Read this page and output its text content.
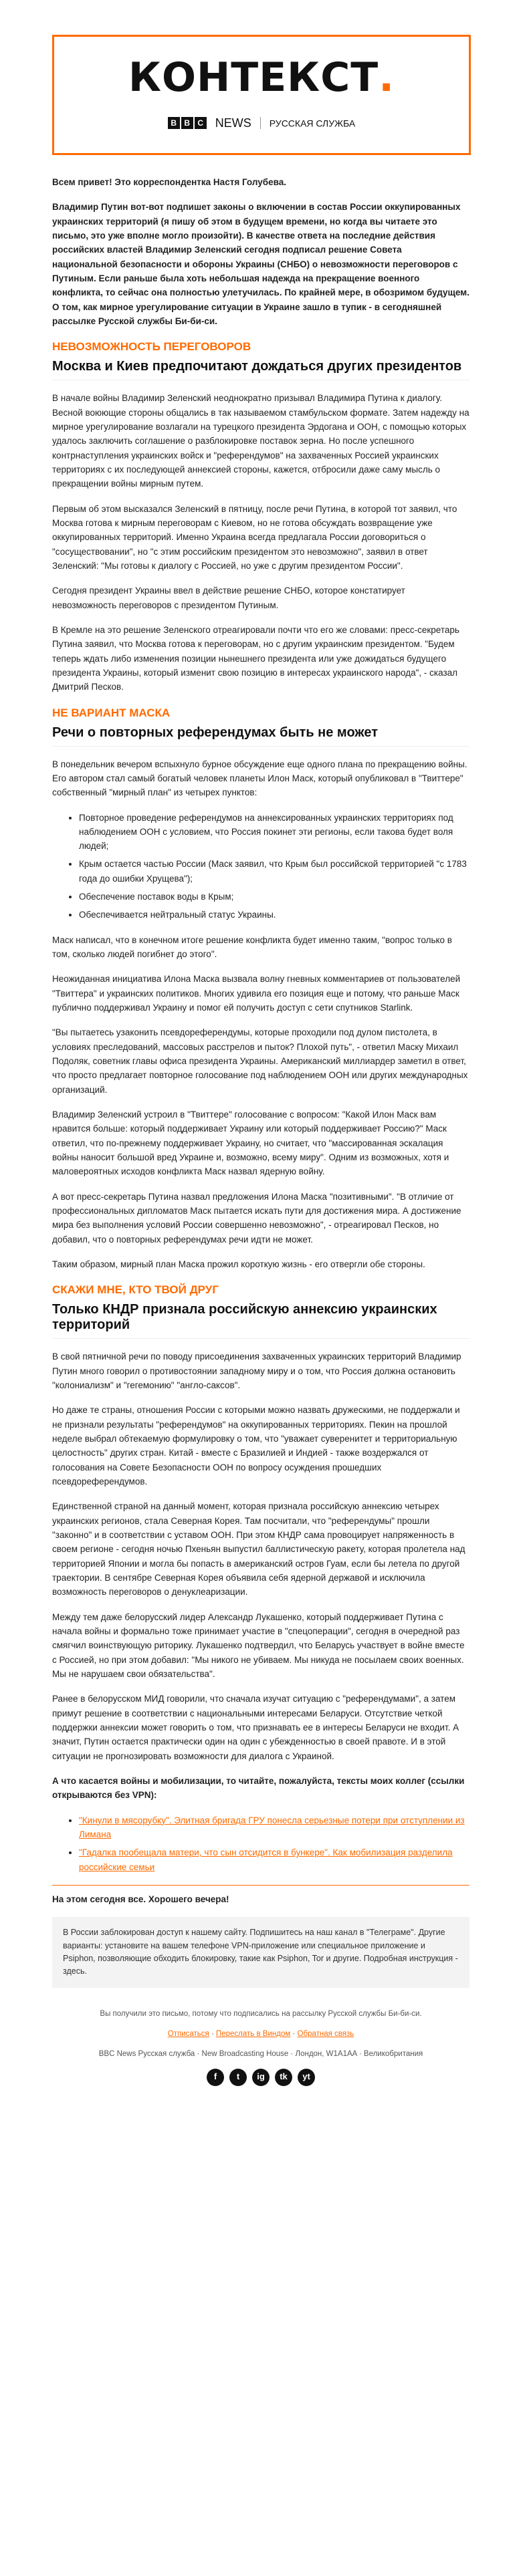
КОНТЕКСТ.
B B C NEWS РУССКАЯ СЛУЖБА

Всем привет! Это корреспондентка Настя Голубева.

Владимир Путин вот-вот подпишет законы о включении в состав России оккупированных украинских территорий (я пишу об этом в будущем времени, но когда вы читаете это письмо, это уже вполне могло произойти). В качестве ответа на последние действия российских властей Владимир Зеленский сегодня подписал решение Совета национальной безопасности и обороны Украины (СНБО) о невозможности переговоров с Путиным. Если раньше была хоть небольшая надежда на прекращение военного конфликта, то сейчас она полностью улетучилась. По крайней мере, в обозримом будущем. О том, как мирное урегулирование ситуации в Украине зашло в тупик - в сегодняшней рассылке Русской службы Би-би-си.

НЕВОЗМОЖНОСТЬ ПЕРЕГОВОРОВ
Москва и Киев предпочитают дождаться других президентов

В начале войны Владимир Зеленский неоднократно призывал Владимира Путина к диалогу. Весной воюющие стороны общались в так называемом стамбульском формате. Затем надежду на мирное урегулирование возлагали на турецкого президента Эрдогана и ООН, с помощью которых удалось заключить соглашение о разблокировке поставок зерна. Но после успешного контрнаступления украинских войск и "референдумов" на захваченных Россией украинских территориях с их последующей аннексией стороны, кажется, отбросили даже саму мысль о прекращении войны мирным путем.

Первым об этом высказался Зеленский в пятницу, после речи Путина, в которой тот заявил, что Москва готова к мирным переговорам с Киевом, но не готова обсуждать возвращение уже оккупированных территорий. Именно Украина всегда предлагала России договориться о "сосуществовании", но "с этим российским президентом это невозможно", заявил в ответ Зеленский: "Мы готовы к диалогу с Россией, но уже с другим президентом России".

Сегодня президент Украины ввел в действие решение СНБО, которое констатирует невозможность переговоров с президентом Путиным.

В Кремле на это решение Зеленского отреагировали почти что его же словами: пресс-секретарь Путина заявил, что Москва готова к переговорам, но с другим украинским президентом. "Будем теперь ждать либо изменения позиции нынешнего президента или уже дожидаться будущего президента Украины, который изменит свою позицию в интересах украинского народа", - сказал Дмитрий Песков.

НЕ ВАРИАНТ МАСКА
Речи о повторных референдумах быть не может

В понедельник вечером вспыхнуло бурное обсуждение еще одного плана по прекращению войны. Его автором стал самый богатый человек планеты Илон Маск, который опубликовал в "Твиттере" собственный "мирный план" из четырех пунктов:

• Повторное проведение референдумов на аннексированных украинских территориях под наблюдением ООН с условием, что Россия покинет эти регионы, если такова будет воля людей;
• Крым остается частью России (Маск заявил, что Крым был российской территорией "с 1783 года до ошибки Хрущева");
• Обеспечение поставок воды в Крым;
• Обеспечивается нейтральный статус Украины.

Маск написал, что в конечном итоге решение конфликта будет именно таким, "вопрос только в том, сколько людей погибнет до этого".

Неожиданная инициатива Илона Маска вызвала волну гневных комментариев от пользователей "Твиттера" и украинских политиков. Многих удивила его позиция еще и потому, что раньше Маск публично поддерживал Украину и помог ей получить доступ с сети спутников Starlink.

"Вы пытаетесь узаконить псевдореферендумы, которые проходили под дулом пистолета, в условиях преследований, массовых расстрелов и пыток? Плохой путь", - ответил Маску Михаил Подоляк, советник главы офиса президента Украины. Американский миллиардер заметил в ответ, что просто предлагает повторное голосование под наблюдением ООН или других международных организаций.

Владимир Зеленский устроил в "Твиттере" голосование с вопросом: "Какой Илон Маск вам нравится больше: который поддерживает Украину или который поддерживает Россию?" Маск ответил, что по-прежнему поддерживает Украину, но считает, что "массированная эскалация войны наносит большой вред Украине и, возможно, всему миру". Одним из возможных, хотя и маловероятных исходов конфликта Маск назвал ядерную войну.

А вот пресс-секретарь Путина назвал предложения Илона Маска "позитивными". "В отличие от профессиональных дипломатов Маск пытается искать пути для достижения мира. А достижение мира без выполнения условий России совершенно невозможно", - отреагировал Песков, но добавил, что о повторных референдумах речи идти не может.

Таким образом, мирный план Маска прожил короткую жизнь - его отвергли обе стороны.

СКАЖИ МНЕ, КТО ТВОЙ ДРУГ
Только КНДР признала российскую аннексию украинских территорий

В свой пятничной речи по поводу присоединения захваченных украинских территорий Владимир Путин много говорил о противостоянии западному миру и о том, что Россия должна остановить "колониализм" и "гегемонию" "англо-саксов".

Но даже те страны, отношения России с которыми можно назвать дружескими, не поддержали и не признали результаты "референдумов" на оккупированных территориях. Пекин на прошлой неделе выбрал обтекаемую формулировку о том, что "уважает суверенитет и территориальную целостность" других стран. Китай - вместе с Бразилией и Индией - также воздержался от голосования на Совете Безопасности ООН по вопросу осуждения прошедших псевдореферендумов.

Единственной страной на данный момент, которая признала российскую аннексию четырех украинских регионов, стала Северная Корея. Там посчитали, что "референдумы" прошли "законно" и в соответствии с уставом ООН. При этом КНДР сама провоцирует напряженность в своем регионе - сегодня ночью Пхеньян выпустил баллистическую ракету, которая пролетела над территорией Японии и могла бы попасть в американский остров Гуам, если бы летела по другой траектории. В сентябре Северная Корея объявила себя ядерной державой и исключила возможность переговоров о денуклеаризации.

Между тем даже белорусский лидер Александр Лукашенко, который поддерживает Путина с начала войны и формально тоже принимает участие в "спецоперации", сегодня в очередной раз смягчил воинствующую риторику. Лукашенко подтвердил, что Беларусь участвует в войне вместе с Россией, но при этом добавил: "Мы никого не убиваем. Мы никуда не посылаем своих военных. Мы не нарушаем свои обязательства".

Ранее в белорусском МИД говорили, что сначала изучат ситуацию с "референдумами", а затем примут решение в соответствии с национальными интересами Беларуси. Отсутствие четкой поддержки аннексии может говорить о том, что признавать ее в интересы Беларуси не входит. А значит, Путин остается практически один на один с убежденностью в своей правоте. И в этой ситуации не прогнозировать возможности для диалога с Украиной.

А что касается войны и мобилизации, то читайте, пожалуйста, тексты моих коллег (ссылки открываются без VPN):

• "Кинули в мясорубку". Элитная бригада ГРУ понесла серьезные потери при отступлении из Лимана
• "Гадалка пообещала матери, что сын отсидится в бункере". Как мобилизация разделила российские семьи

На этом сегодня все. Хорошего вечера!

В России заблокирован доступ к нашему сайту. Подпишитесь на наш канал в "Телеграме". Другие варианты: установите на вашем телефоне VPN-приложение или специальное приложение и Psiphon, позволяющие обходить блокировку, такие как Psiphon, Tor и другие. Подробная инструкция - здесь.
Вы получили это письмо, потому что подписались на рассылку Русской службы Би-би-си.
Отписаться · Переслать в Виндом · Обратная связь
BBC News Русская служба · New Broadcasting House · Лондон, W1A1AA · Великобритания
f	t	ig	tk	yt
